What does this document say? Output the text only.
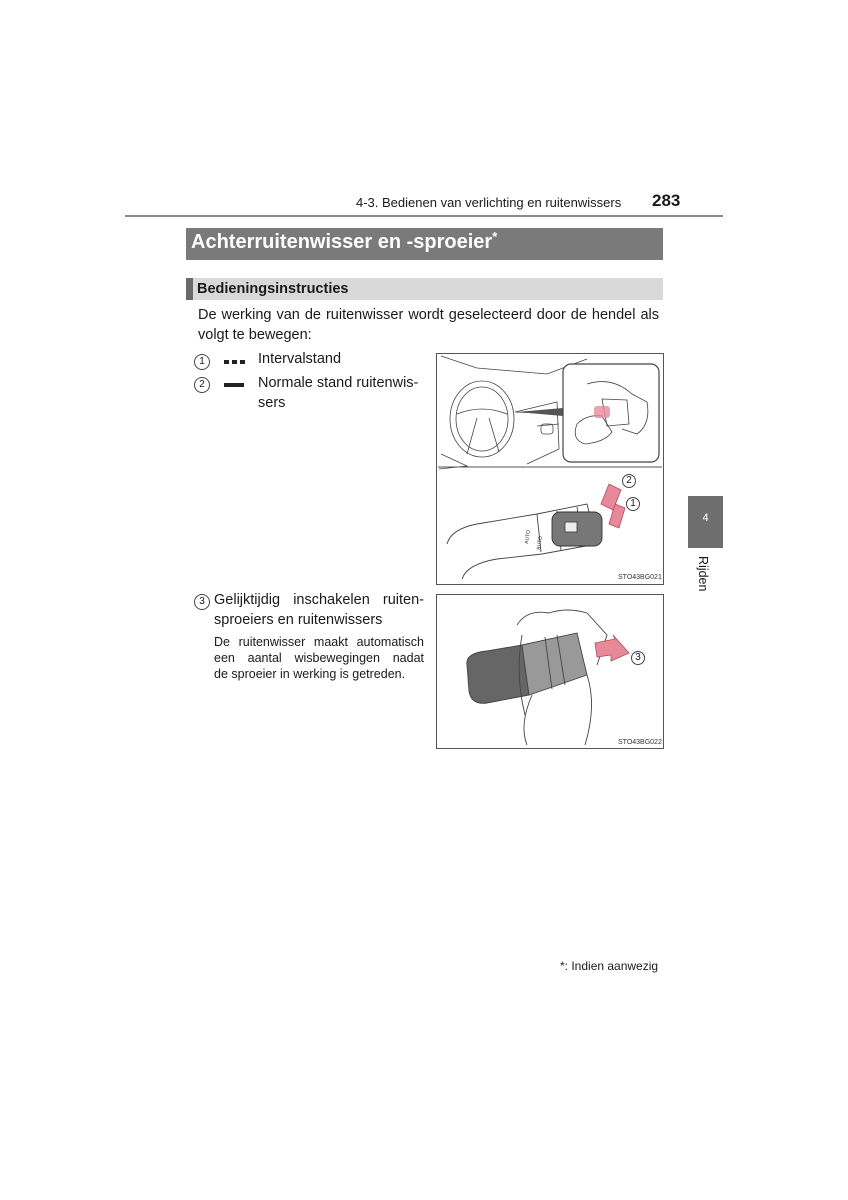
4-3. Bedienen van verlichting en ruitenwissers 283
Achterruitenwisser en -sproeier*
Bedieningsinstructies
De werking van de ruitenwisser wordt geselecteerd door de hendel als volgt te bewegen:
1	Intervalstand
2	Normale stand ruitenwis-
sers
3 Gelijktijdig inschakelen ruiten-
sproeiers en ruitenwissers
De ruitenwisser maakt automatisch
een aantal wisbewegingen nadat
de sproeier in werking is getreden.
2
1
AUTO AUTO
STO43BG021
3
STO43BG022
4
Rijden
*: Indien aanwezig
